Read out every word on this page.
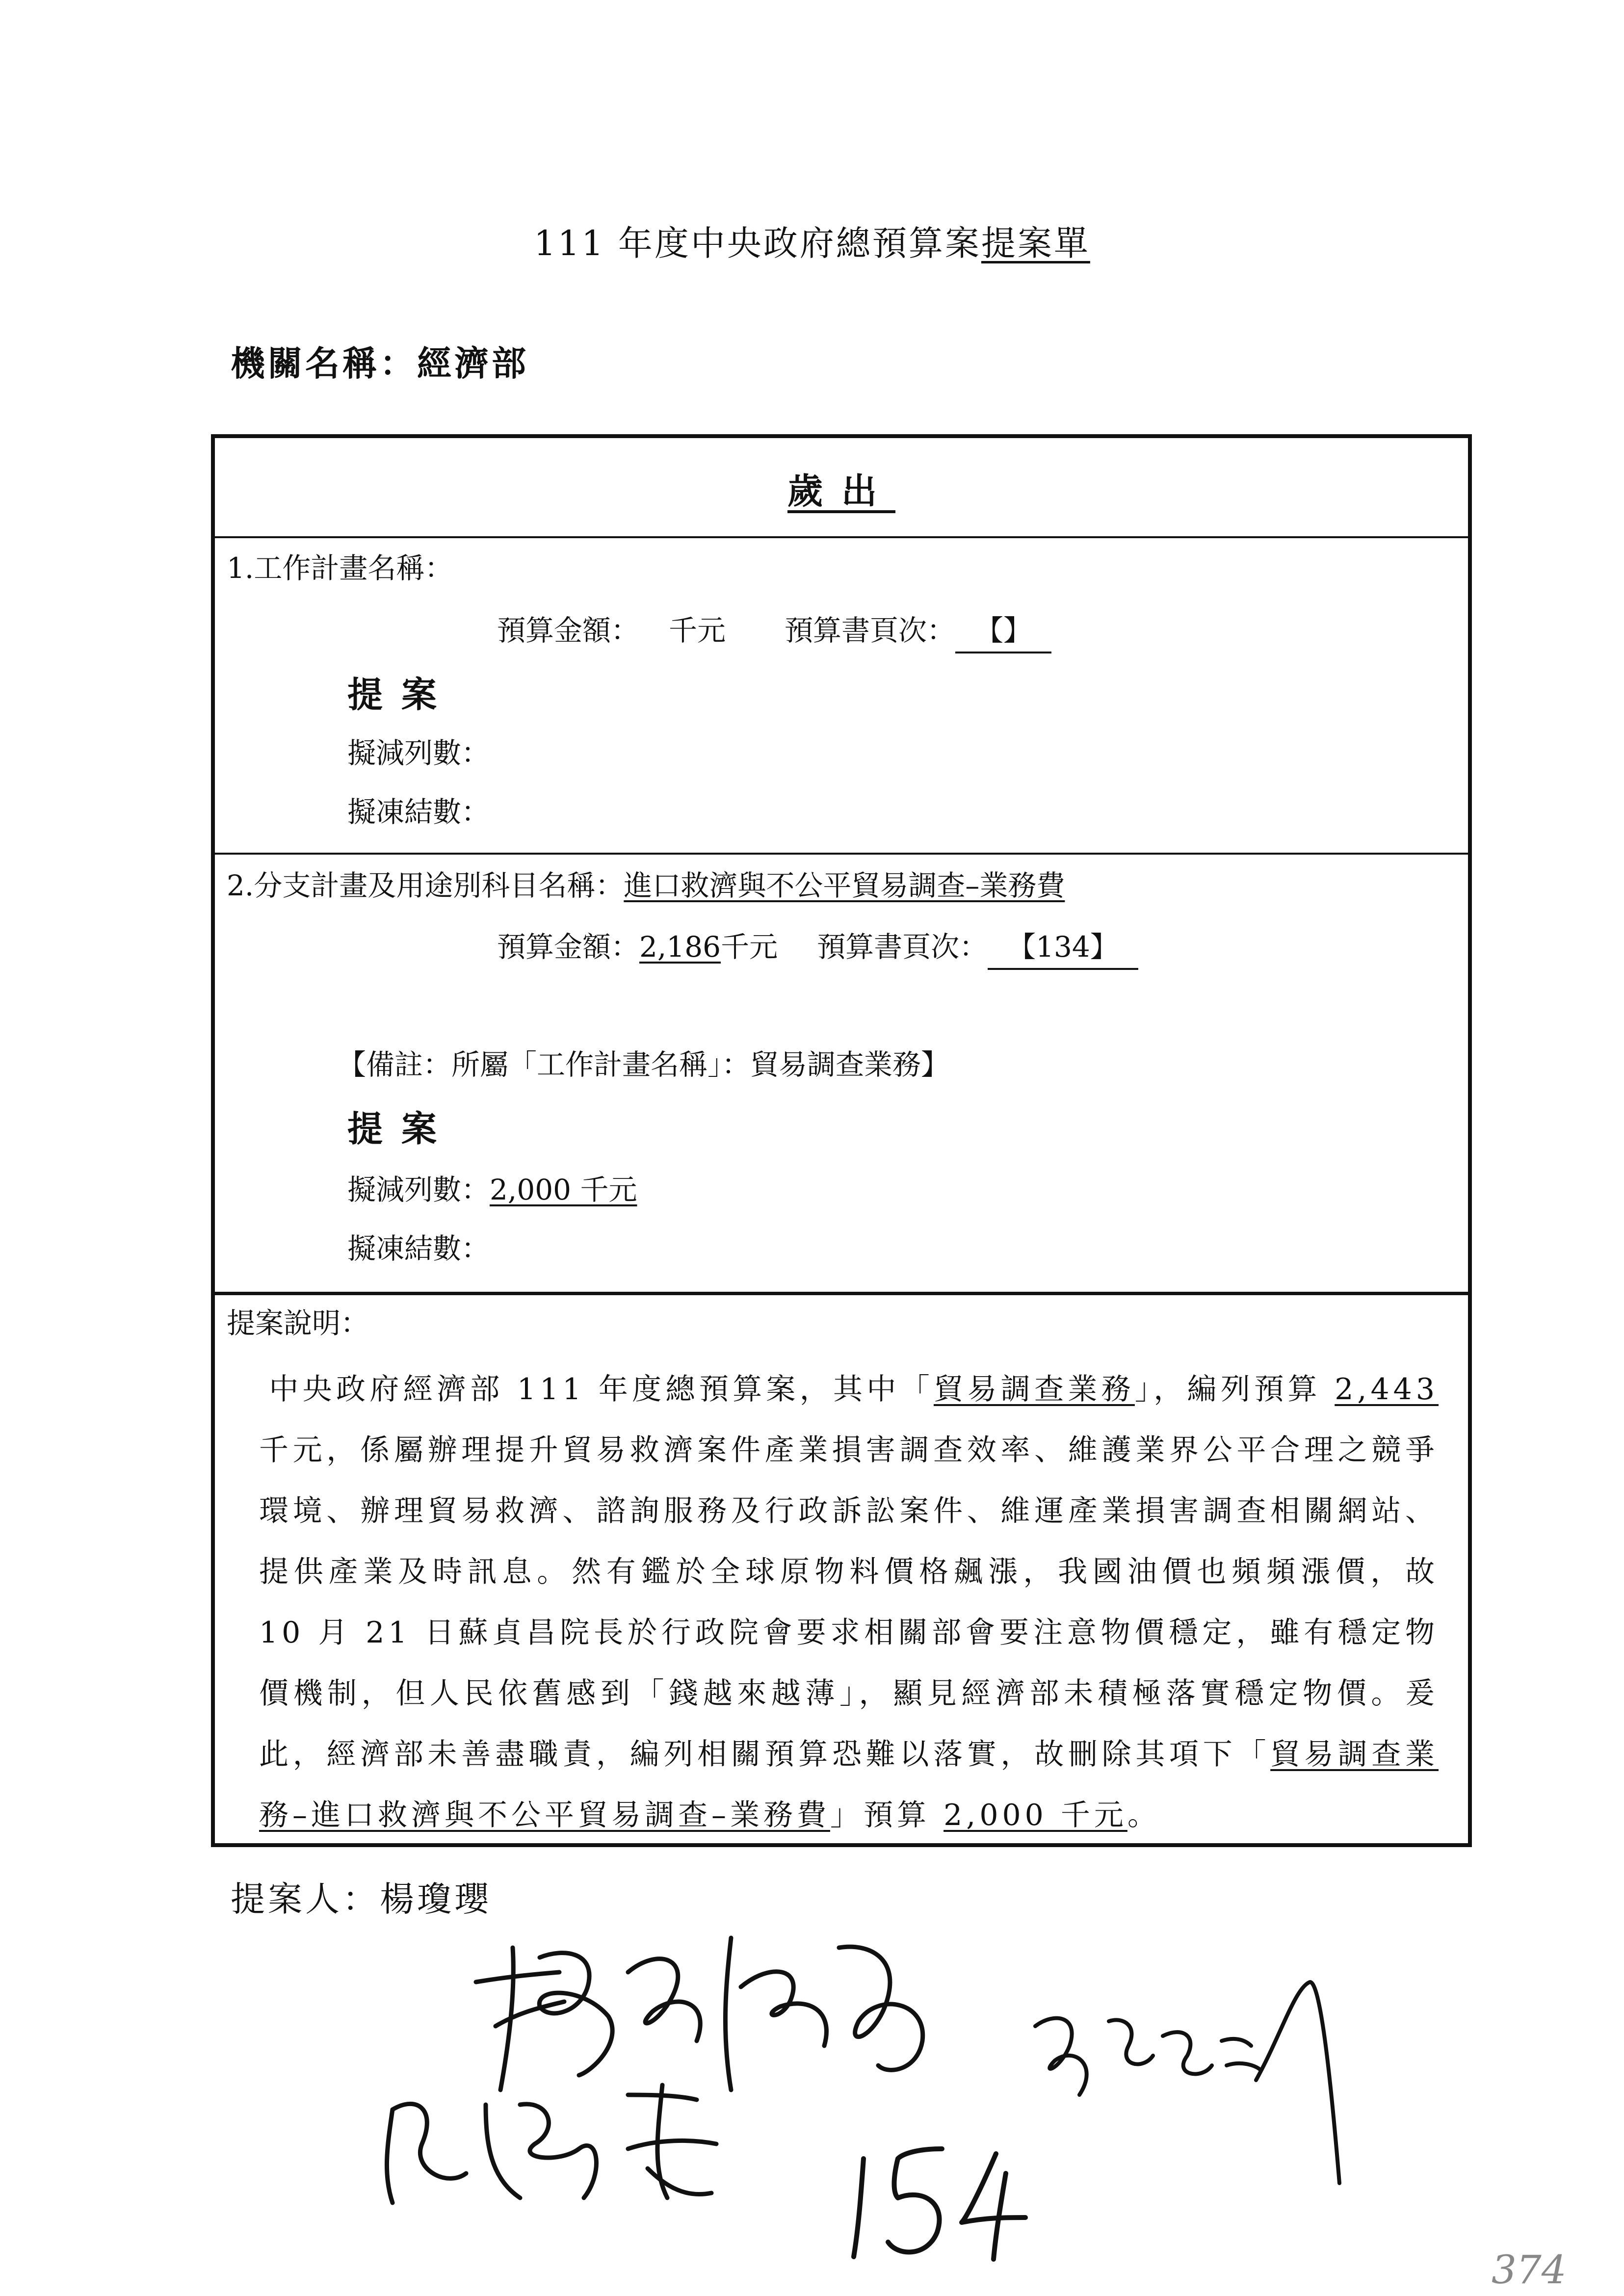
111 年度中央政府總預算案提案單
機關名稱：經濟部
歲出
1.工作計畫名稱：
預算金額： 千元 預算書頁次： 【】
提案
擬減列數：
擬凍結數：
2.分支計畫及用途別科目名稱：進口救濟與不公平貿易調查–業務費
預算金額：2,186千元 預算書頁次： 【134】
【備註：所屬「工作計畫名稱」：貿易調查業務】
提案
擬減列數：2,000 千元
擬凍結數：
提案說明：
中央政府經濟部 111 年度總預算案，其中「貿易調查業務」，編列預算 2,443千元，係屬辦理提升貿易救濟案件產業損害調查效率、維護業界公平合理之競爭環境、辦理貿易救濟、諮詢服務及行政訴訟案件、維運產業損害調查相關網站、提供產業及時訊息。然有鑑於全球原物料價格飆漲，我國油價也頻頻漲價，故 10 月 21 日蘇貞昌院長於行政院會要求相關部會要注意物價穩定，雖有穩定物價機制，但人民依舊感到「錢越來越薄」，顯見經濟部未積極落實穩定物價。爰此，經濟部未善盡職責，編列相關預算恐難以落實，故刪除其項下「貿易調查業務–進口救濟與不公平貿易調查–業務費」預算 2,000 千元。
提案人：楊瓊瓔
374
